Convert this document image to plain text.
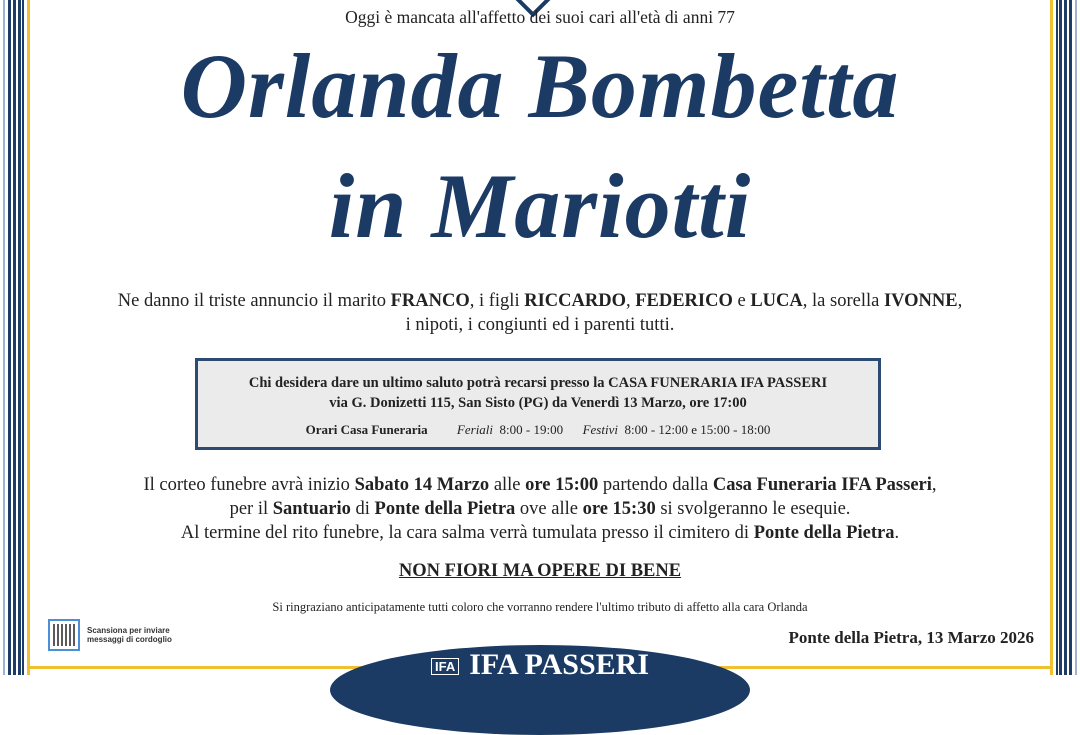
Oggi è mancata all'affetto dei suoi cari all'età di anni 77
Orlanda Bombetta
in Mariotti
Ne danno il triste annuncio il marito FRANCO, i figli RICCARDO, FEDERICO e LUCA, la sorella IVONNE,
i nipoti, i congiunti ed i parenti tutti.
Chi desidera dare un ultimo saluto potrà recarsi presso la CASA FUNERARIA IFA PASSERI
via G. Donizetti 115, San Sisto (PG) da Venerdì 13 Marzo, ore 17:00
Orari Casa Funeraria Feriali 8:00 - 19:00 Festivi 8:00 - 12:00 e 15:00 - 18:00
Il corteo funebre avrà inizio Sabato 14 Marzo alle ore 15:00 partendo dalla Casa Funeraria IFA Passeri,
per il Santuario di Ponte della Pietra ove alle ore 15:30 si svolgeranno le esequie.
Al termine del rito funebre, la cara salma verrà tumulata presso il cimitero di Ponte della Pietra.
NON FIORI MA OPERE DI BENE
Si ringraziano anticipatamente tutti coloro che vorranno rendere l'ultimo tributo di affetto alla cara Orlanda
Scansiona per inviare
messaggi di cordoglio	Ponte della Pietra, 13 Marzo 2026
IFA IFA PASSERI
